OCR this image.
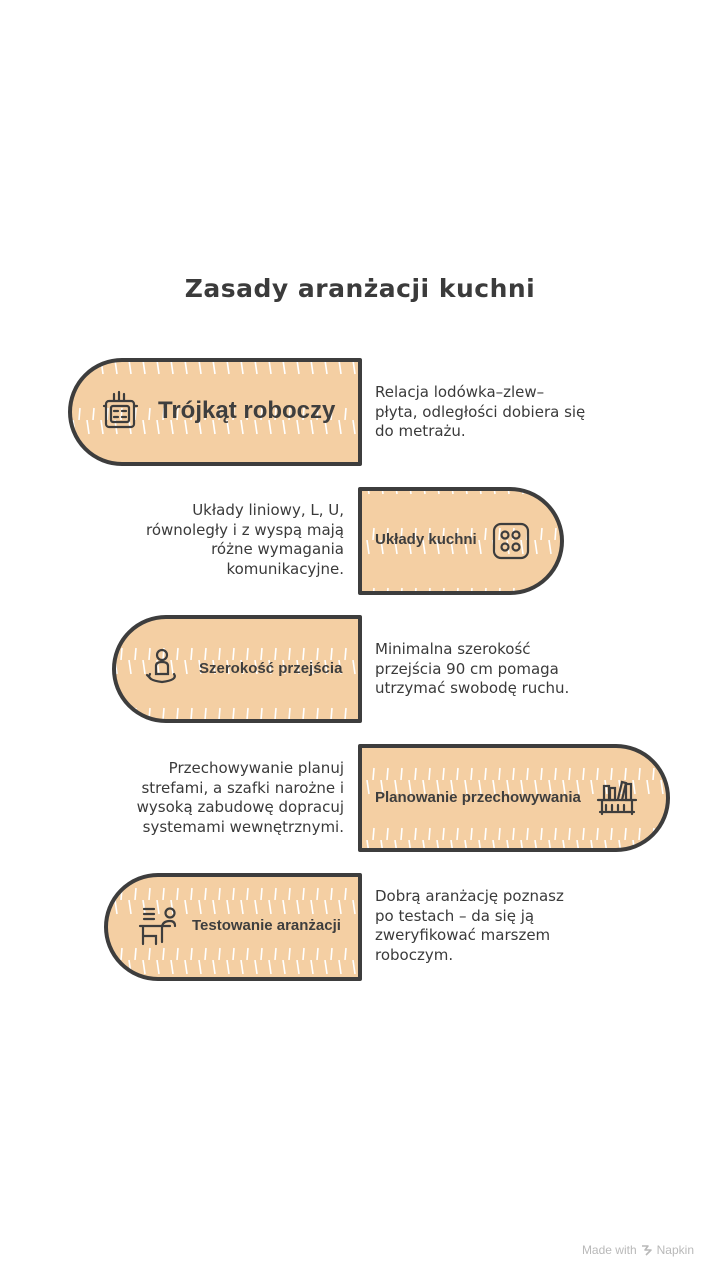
Zasady aranżacji kuchni
Trójkąt roboczy
Układy kuchni
Szerokość przejścia
Planowanie przechowywania
Testowanie aranżacji
Relacja lodówka–zlew–
płyta, odległości dobiera się
do metrażu.
Układy liniowy, L, U,
równoległy i z wyspą mają
różne wymagania
komunikacyjne.
Minimalna szerokość
przejścia 90 cm pomaga
utrzymać swobodę ruchu.
Przechowywanie planuj
strefami, a szafki narożne i
wysoką zabudowę dopracuj
systemami wewnętrznymi.
Dobrą aranżację poznasz
po testach – da się ją
zweryfikować marszem
roboczym.
Made with Napkin
